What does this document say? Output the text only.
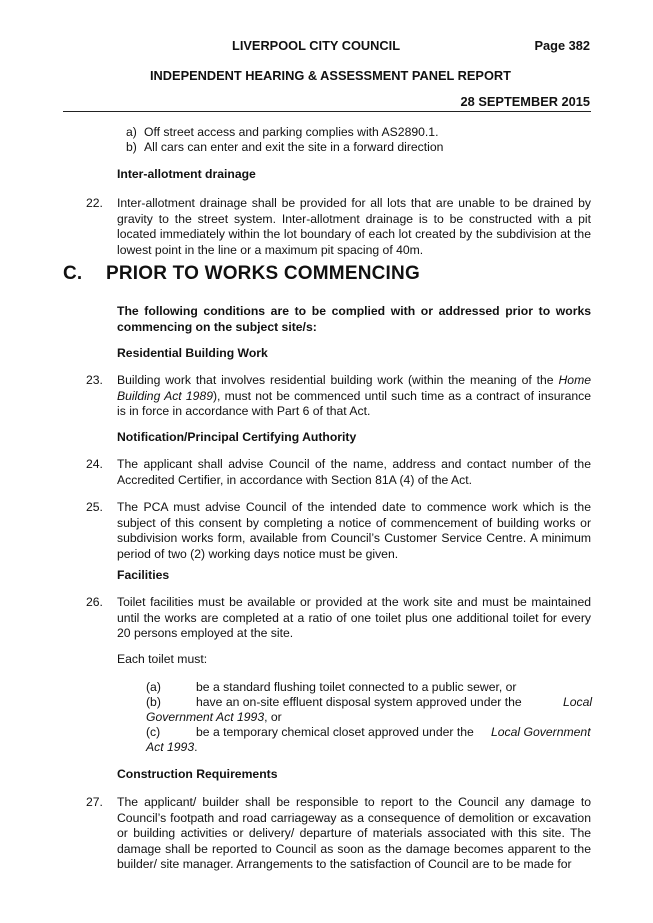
LIVERPOOL CITY COUNCIL	Page 382
INDEPENDENT HEARING & ASSESSMENT PANEL REPORT
28 SEPTEMBER 2015
a) Off street access and parking complies with AS2890.1.
b) All cars can enter and exit the site in a forward direction
Inter-allotment drainage
22. Inter-allotment drainage shall be provided for all lots that are unable to be drained by gravity to the street system. Inter-allotment drainage is to be constructed with a pit located immediately within the lot boundary of each lot created by the subdivision at the lowest point in the line or a maximum pit spacing of 40m.
C. PRIOR TO WORKS COMMENCING
The following conditions are to be complied with or addressed prior to works commencing on the subject site/s:
Residential Building Work
23. Building work that involves residential building work (within the meaning of the Home Building Act 1989), must not be commenced until such time as a contract of insurance is in force in accordance with Part 6 of that Act.
Notification/Principal Certifying Authority
24. The applicant shall advise Council of the name, address and contact number of the Accredited Certifier, in accordance with Section 81A (4) of the Act.
25. The PCA must advise Council of the intended date to commence work which is the subject of this consent by completing a notice of commencement of building works or subdivision works form, available from Council’s Customer Service Centre. A minimum period of two (2) working days notice must be given.
Facilities
26. Toilet facilities must be available or provided at the work site and must be maintained until the works are completed at a ratio of one toilet plus one additional toilet for every 20 persons employed at the site.
Each toilet must:
(a)	be a standard flushing toilet connected to a public sewer, or
(b)	have an on-site effluent disposal system approved under the	Local
Government Act 1993, or
(c)	be a temporary chemical closet approved under the Local Government
Act 1993.
Construction Requirements
27. The applicant/ builder shall be responsible to report to the Council any damage to Council’s footpath and road carriageway as a consequence of demolition or excavation or building activities or delivery/ departure of materials associated with this site. The damage shall be reported to Council as soon as the damage becomes apparent to the builder/ site manager. Arrangements to the satisfaction of Council are to be made for
